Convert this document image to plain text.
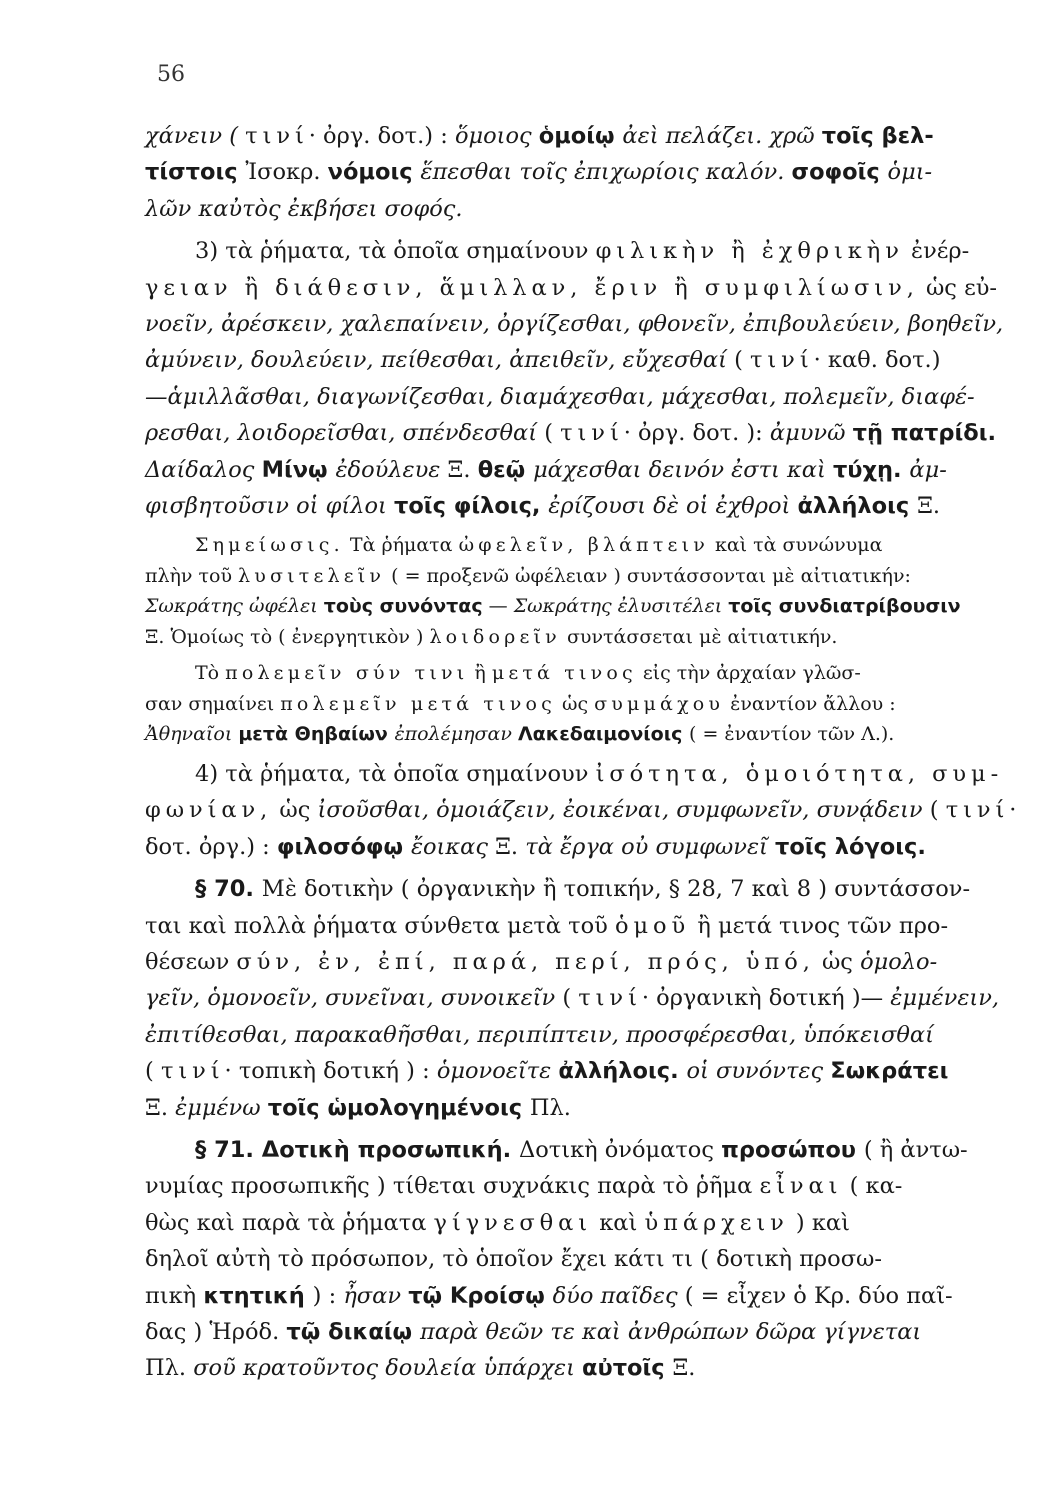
56
χάνειν ( τινί· ὀργ. δοτ.) : ὅμοιος ὁμοίῳ ἀεὶ πελάζει. χρῶ τοῖς βελ-
τίστοις Ἰσοκρ. νόμοις ἕπεσθαι τοῖς ἐπιχωρίοις καλόν. σοφοῖς ὁμι-
λῶν καὐτὸς ἐκβήσει σοφός.
3) τὰ ῥήματα, τὰ ὁποῖα σημαίνουν φιλικὴν ἢ ἐχθρικὴν ἐνέρ-
γειαν ἢ διάθεσιν, ἅμιλλαν, ἔριν ἢ συμφιλίωσιν, ὡς εὐ-
νοεῖν, ἀρέσκειν, χαλεπαίνειν, ὀργίζεσθαι, φθονεῖν, ἐπιβουλεύειν, βοηθεῖν,
ἀμύνειν, δουλεύειν, πείθεσθαι, ἀπειθεῖν, εὔχεσθαί ( τινί· καθ. δοτ.)
—ἁμιλλᾶσθαι, διαγωνίζεσθαι, διαμάχεσθαι, μάχεσθαι, πολεμεῖν, διαφέ-
ρεσθαι, λοιδορεῖσθαι, σπένδεσθαί ( τινί· ὀργ. δοτ. ): ἀμυνῶ τῇ πατρίδι.
Δαίδαλος Μίνῳ ἐδούλευε Ξ. θεῷ μάχεσθαι δεινόν ἐστι καὶ τύχῃ. ἀμ-
φισβητοῦσιν οἱ φίλοι τοῖς φίλοις, ἐρίζουσι δὲ οἱ ἐχθροὶ ἀλλήλοις Ξ.
Σημείωσις. Τὰ ῥήματα ὠφελεῖν, βλάπτειν καὶ τὰ συνώνυμα
πλὴν τοῦ λυσιτελεῖν ( = προξενῶ ὠφέλειαν ) συντάσσονται μὲ αἰτιατικήν:
Σωκράτης ὠφέλει τοὺς συνόντας — Σωκράτης ἐλυσιτέλει τοῖς συνδιατρίβουσιν
Ξ. Ὁμοίως τὸ ( ἐνεργητικὸν ) λοιδορεῖν συντάσσεται μὲ αἰτιατικήν.
Τὸ πολεμεῖν σύν τινι ἢ μετά τινος εἰς τὴν ἀρχαίαν γλῶσ-
σαν σημαίνει πολεμεῖν μετά τινος ὡς συμμάχου ἐναντίον ἄλλου :
Ἀθηναῖοι μετὰ Θηβαίων ἐπολέμησαν Λακεδαιμονίοις ( = ἐναντίον τῶν Λ.).
4) τὰ ῥήματα, τὰ ὁποῖα σημαίνουν ἰσότητα, ὁμοιότητα, συμ-
φωνίαν, ὡς ἰσοῦσθαι, ὁμοιάζειν, ἐοικέναι, συμφωνεῖν, συνᾴδειν ( τινί·
δοτ. ὀργ.) : φιλοσόφῳ ἔοικας Ξ. τὰ ἔργα οὐ συμφωνεῖ τοῖς λόγοις.
§ 70. Μὲ δοτικὴν ( ὀργανικὴν ἢ τοπικήν, § 28, 7 καὶ 8 ) συντάσσον-
ται καὶ πολλὰ ῥήματα σύνθετα μετὰ τοῦ ὁμοῦ ἢ μετά τινος τῶν προ-
θέσεων σύν, ἐν, ἐπί, παρά, περί, πρός, ὑπό, ὡς ὁμολο-
γεῖν, ὁμονοεῖν, συνεῖναι, συνοικεῖν ( τινί· ὀργανικὴ δοτική )— ἐμμένειν,
ἐπιτίθεσθαι, παρακαθῆσθαι, περιπίπτειν, προσφέρεσθαι, ὑπόκεισθαί
( τινί· τοπικὴ δοτική ) : ὁμονοεῖτε ἀλλήλοις. οἱ συνόντες Σωκράτει
Ξ. ἐμμένω τοῖς ὡμολογημένοις Πλ.
§ 71. Δοτικὴ προσωπική. Δοτικὴ ὀνόματος προσώπου ( ἢ ἀντω-
νυμίας προσωπικῆς ) τίθεται συχνάκις παρὰ τὸ ῥῆμα εἶναι ( κα-
θὼς καὶ παρὰ τὰ ῥήματα γίγνεσθαι καὶ ὑπάρχειν ) καὶ
δηλοῖ αὐτὴ τὸ πρόσωπον, τὸ ὁποῖον ἔχει κάτι τι ( δοτικὴ προσω-
πικὴ κτητική ) : ἦσαν τῷ Κροίσῳ δύο παῖδες ( = εἶχεν ὁ Κρ. δύο παῖ-
δας ) Ἡρόδ. τῷ δικαίῳ παρὰ θεῶν τε καὶ ἀνθρώπων δῶρα γίγνεται
Πλ. σοῦ κρατοῦντος δουλεία ὑπάρχει αὐτοῖς Ξ.
